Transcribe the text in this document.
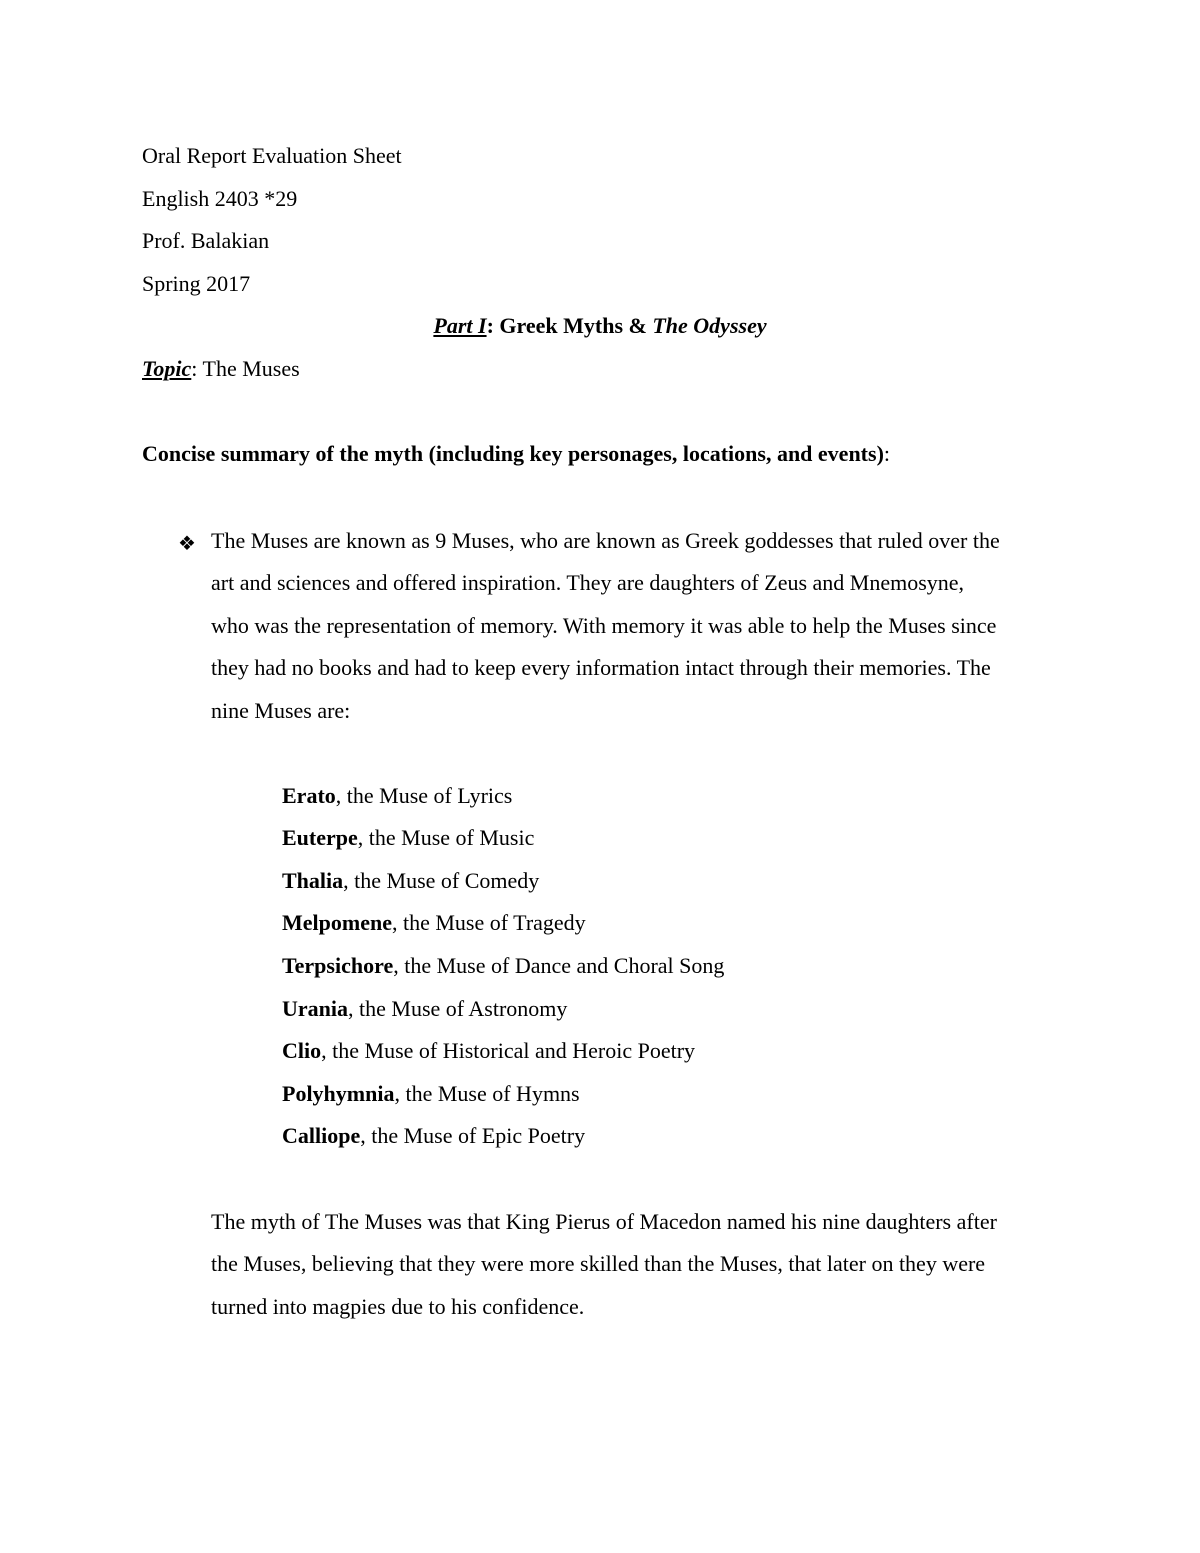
Oral Report Evaluation Sheet
English 2403 *29
Prof. Balakian
Spring 2017
Part I: Greek Myths & The Odyssey
Topic: The Muses
Concise summary of the myth (including key personages, locations, and events):
❖ The Muses are known as 9 Muses, who are known as Greek goddesses that ruled over the
art and sciences and offered inspiration. They are daughters of Zeus and Mnemosyne,
who was the representation of memory. With memory it was able to help the Muses since
they had no books and had to keep every information intact through their memories. The
nine Muses are:
Erato, the Muse of Lyrics
Euterpe, the Muse of Music
Thalia, the Muse of Comedy
Melpomene, the Muse of Tragedy
Terpsichore, the Muse of Dance and Choral Song
Urania, the Muse of Astronomy
Clio, the Muse of Historical and Heroic Poetry
Polyhymnia, the Muse of Hymns
Calliope, the Muse of Epic Poetry
The myth of The Muses was that King Pierus of Macedon named his nine daughters after
the Muses, believing that they were more skilled than the Muses, that later on they were
turned into magpies due to his confidence.
